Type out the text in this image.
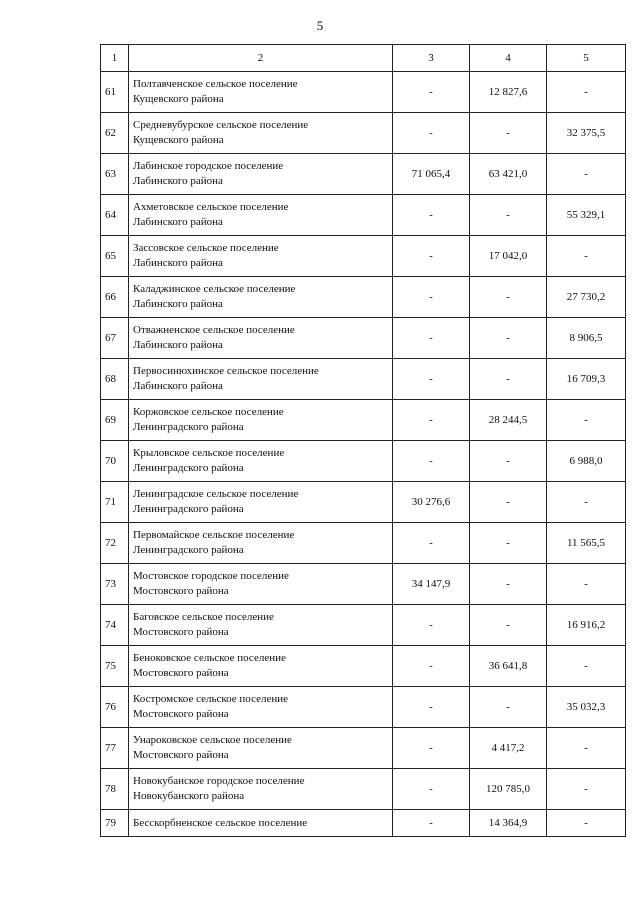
5
1	2	3	4	5
61	Полтавченское сельское поселение
Кущевского района	-	12 827,6	-
62	Средневубурское сельское поселение
Кущевского района	-	-	32 375,5
63	Лабинское городское поселение
Лабинского района	71 065,4	63 421,0	-
64	Ахметовское сельское поселение
Лабинского района	-	-	55 329,1
65	Зассовское сельское поселение
Лабинского района	-	17 042,0	-
66	Каладжинское сельское поселение
Лабинского района	-	-	27 730,2
67	Отважненское сельское поселение
Лабинского района	-	-	8 906,5
68	Первосинюхинское сельское поселение
Лабинского района	-	-	16 709,3
69	Коржовское сельское поселение
Ленинградского района	-	28 244,5	-
70	Крыловское сельское поселение
Ленинградского района	-	-	6 988,0
71	Ленинградское сельское поселение
Ленинградского района	30 276,6	-	-
72	Первомайское сельское поселение
Ленинградского района	-	-	11 565,5
73	Мостовское городское поселение
Мостовского района	34 147,9	-	-
74	Баговское сельское поселение
Мостовского района	-	-	16 916,2
75	Беноковское сельское поселение
Мостовского района	-	36 641,8	-
76	Костромское сельское поселение
Мостовского района	-	-	35 032,3
77	Унароковское сельское поселение
Мостовского района	-	4 417,2	-
78	Новокубанское городское поселение
Новокубанского района	-	120 785,0	-
79	Бесскорбненское сельское поселение	-	14 364,9	-
